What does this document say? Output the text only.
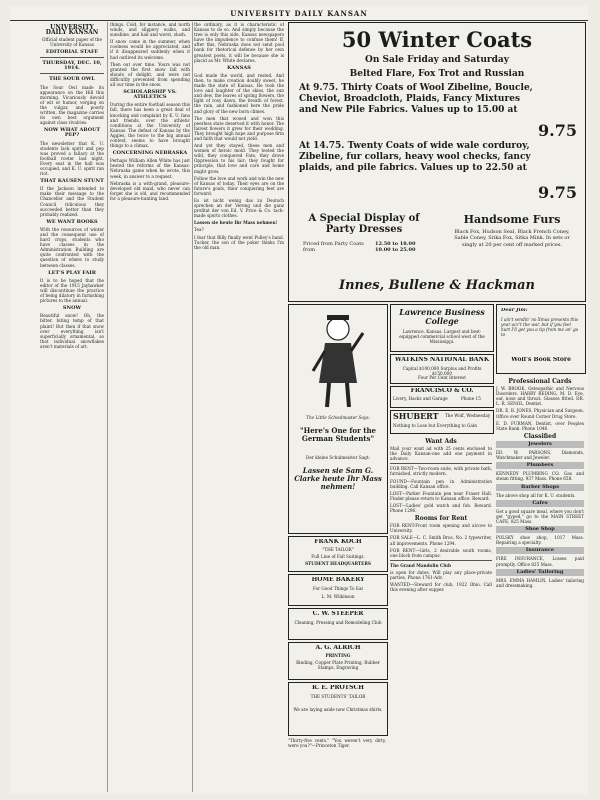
UNIVERSITY DAILY KANSAN
UNIVERSITY DAILY KANSAN
Official student paper of the University of Kansas
EDITORIAL STAFF
THURSDAY, DEC. 10, 1914.
THE SOUR OWL

The Sour Owl made its appearance on the Hill this morning. Vicariously devoid of wit or humor, verging on the vulgar, and poorly written, the magazine carries its own best argument against class rivalries.

NOW WHAT ABOUT PEP?

The newsletter that K. U. students lack spirit and pep was proved a fallacy at the football rooter last night. Every seat in the hall was occupied, and K. U. spirit ran riot.

THAT KAUSEN STUNT

If the Jackson intended to make their message to the Chancellor and the Student Council ridiculous they succeeded better than they probably realized.

WE WANT BOOKS

With the resources of winter and the consequent use of hard crops, students who have classes in the Administration Building are quite confronted with the question of where to study between classes.

LET'S PLAY FAIR

It is to be hoped that the editor of the 1915 Jayhawker will discontinue the practice of being dilatory in furnishing pictures to the annual.

SNOW

Beautiful snow! Oh, the bitter, biting temp of that plaint! But then if that snow over everything isn't superficially ornamental, so that individual snowflakes aren't materials of art.

things. Cold, for instance, and north winds, and slippery walks, and sunshine, and hail and worst, slush.

If snow came in the summer, when coolness would be appreciated, and if it disappeared suddenly when it had outlived its welcome.

Then out over time. Yours was not granted the first snow fall with shouts of delight, and were not difficultly prevented from spending all our time in the snow.

SCHOLARSHIP VS. ATHLETICS

During the entire football season this fall, there has been a great deal of knocking and complaint by K. U. fans and friends, over the athletic conditions at the University of Kansas. The defeat of Kansas by the Aggies, the twice to the big annual contest, seems to have brought things to a climax.

CONCERNING NEBRASKA

Perhaps William Allen White has just bested the reforms of the Kansas-Nebraska game when he wrote, this week, in answer to a request.

Nebraska is a with-grand, pleasure-developed old maid, who never can forget she is old, and recommended for a pleasure-hunting land.

the ordinary, as it is characteristic of Kansas to do so. And simply because the tree is only this side, Kansas newspapers have the impudence to confuse them! If, after this, Nebraska does not send pool bank for rhetorical defense by her own greatest poets, it will be because she is placid as Mr. White declares.

KANSAS

God made the world, and rested. And then, to make creation doubly sweet, he made the state of Kansas. He took the love and laughter of the skies, the sun and dew, the leaves of spring flowers, the light of rosy dawn, the breath of forest, the rain, and fashioned here the pride and glory of the new born climes.

The men that wooed and won this peerless state deserved it with honor. The fairest flowers it grew for their wedding. They brought high hope and purpose firm and faith that would not yield.

And yet they stayed, these men and women of heroic mold. They tested the wild, they conquered Fate, they drove Oppression to his lair; they fought for principle, that love and care and home might grow.

Follow the love and work and win the new of Kansas of today. Their eyes are on the future's goals, their conquering feet are forward.

Es ist nicht wenig das zu Deutsch sprechen an der Vereng und die ganz profitat der von Ed. V. Price & Co. tach-made sports clothes.

Lassen sie heute Ihr Mass nehmen!

Tea?

I fear that Billy finally went Pulley's band. Tucker, the son of the poker thinks I'm the old man.

50 Winter Coats
On Sale Friday and Saturday
Belted Flare, Fox Trot and Russian
At 9.75. Thirty Coats of Wool Zibeline, Boucle, Cheviot, Broadcloth, Plaids, Fancy Mixtures and New Pile Fabrics. Values up to 15.00 at
9.75
At 14.75. Twenty Coats of wide wale corduroy, Zibeline, fur collars, heavy wool checks, fancy plaids, and pile fabrics. Values up to 22.50 at
9.75
A Special Display of Party Dresses
Priced from Party Coats from
12.50 to 18.00 10.00 to 25.00
Handsome Furs
Black Fox, Hudson Seal, Black French Coney, Sable Coney, Sitka Fox, Sitka Mink. In sets or singly at 20 per cent off marked prices.
Innes, Bullene & Hackman
The Little Schoolmaster Says:
"Here's One for the German Students"
Der kleine Schulmeister Sagt:
Lassen sie Sam G. Clarke heute Ihr Mass nehmen!
Lawrence Business College
Lawrence, Kansas. Largest and best-equipped commercial school west of the Mississippi.
Dear Jim:
I ain't sendin' no Xmas presents this year acc't the war, but if you feel hurt I'll get you a tip from me an' go to
Wolf's Book Store
WATKINS NATIONAL BANK
Capital $100,000 Surplus and Profits $150,000
Four Per Cent Interest
FRANCISCO & CO.
Livery, Hacks and Garage	Phone 15
SHUBERT	The Wolf, Wednesday
Nothing to Lose but Everything to Gain
Want Ads

Mail your want ad with 25 cents enclosed to the Daily Kansan-one add one payment in advance.

FOR RENT—Two-room suite, with private bath, furnished, strictly modern.

FOUND—Fountain pen in Administration building. Call Kansan office.

LOST—Parker Fountain pen near Fraser Hall. Finder please return to Kansan office. Reward.

LOST—Ladies' gold watch and fob. Reward. Phone 1296.

Rooms for Rent

FOR RENT-Front room opening and alcove to University.

FOR SALE—L. C. Smith Bros. No. 2 typewriter, all improvements. Phone 1294.

FOR RENT—Girls, 2 desirable south rooms, one block from campus.

The Grand Mandolin Club

is open for dates. Will play any place-private parties, Phone 1761-Adv.

WANTED—Steward for club, 1922 Ohio. Call this evening after supper.

Professional Cards

J. W. BROOK, Osteopathic and Nervous Disorders. HARRY REDING, M. D. Eye, ear, nose and throat. Glasses fitted. DR. L. R. SENOL, Dentist.

DR. E. B. JONES, Physician and Surgeon. Office over Round Corner Drug Store.

E. D. FURMAN, Dentist, over Peoples State Bank. Phone 1046.

Classified
Jewelers

ED. W. PARSONS, Diamonds, Watchmaker and Jeweler.

Plumbers

KENNEDY PLUMBING CO. Gas and steam fitting. 937 Mass. Phone 658.

Barber Shops

The above shop all for K. U. students.

Cafes

Get a good square meal, where you don't get "gyped," go to the MAIN STREET CAFE, 825 Mass.

Shoe Shop

POLSKY shoe shop, 1017 Mass. Repairing a specialty.

Insurance

FIRE INSURANCE, Losses paid promptly. Office 825 Mass.

Ladies' Tailoring

MRS. EMMA HAMLIN, Ladies' tailoring and dressmaking.

FRANK KOCH
"THE TAILOR"
Full Line of Fall Suitings.
STUDENT HEADQUARTERS
HOME BAKERY
For Good Things To Eat
L. M. Wilkinson
C. W. STEEPER
Cleaning, Pressing and Remodeling Club
A. G. ALRICH
PRINTING
Binding, Copper Plate Printing, Rubber Stamps, Engraving
R. E. PROTSCH
THE STUDENTS' TAILOR
We are laying aside new Christmas shirts.

"Thirty-five cents." "You weren't very dirty, were you?"—Princeton Tiger.
